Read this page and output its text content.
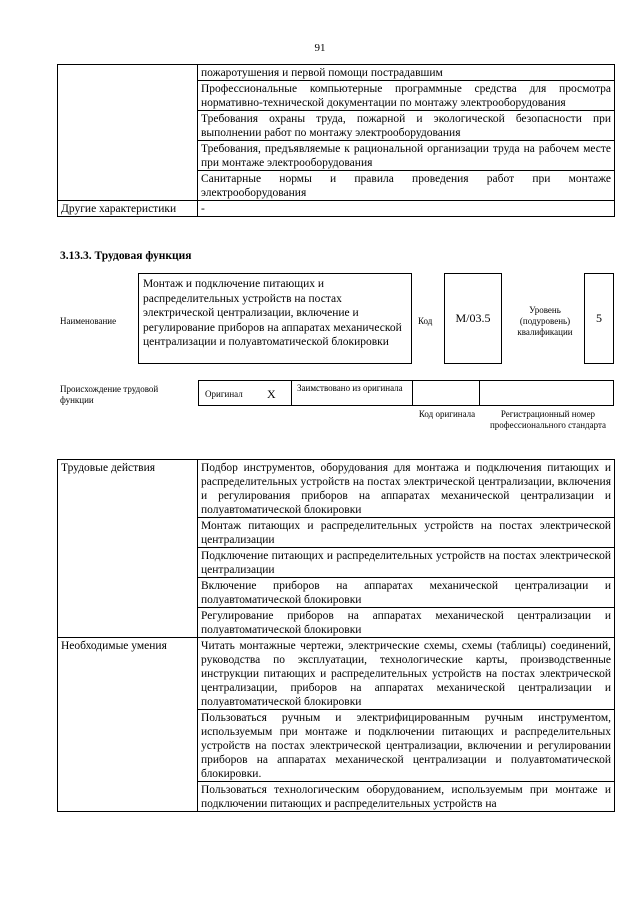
91
	пожаротушения и первой помощи пострадавшим
	Профессиональные компьютерные программные средства для просмотра нормативно-технической документации по монтажу электрооборудования
	Требования охраны труда, пожарной и экологической безопасности при выполнении работ по монтажу электрооборудования
	Требования, предъявляемые к рациональной организации труда на рабочем месте при монтаже электрооборудования
	Санитарные нормы и правила проведения работ при монтаже электрооборудования
Другие характеристики	-
3.13.3. Трудовая функция
Наименование
Монтаж и подключение питающих и распределительных устройств на постах электрической централизации, включение и регулирование приборов на аппаратах механической централизации и полуавтоматической блокировки
Код M/03.5
Уровень (подуровень) квалификации
5
Происхождение трудовой функции
Оригинал X Заимствовано из оригинала
Код оригинала	Регистрационный номер профессионального стандарта
Трудовые действия	Подбор инструментов, оборудования для монтажа и подключения питающих и распределительных устройств на постах электрической централизации, включения и регулирования приборов на аппаратах механической централизации и полуавтоматической блокировки
	Монтаж питающих и распределительных устройств на постах электрической централизации
	Подключение питающих и распределительных устройств на постах электрической централизации
	Включение приборов на аппаратах механической централизации и полуавтоматической блокировки
	Регулирование приборов на аппаратах механической централизации и полуавтоматической блокировки
Необходимые умения	Читать монтажные чертежи, электрические схемы, схемы (таблицы) соединений, руководства по эксплуатации, технологические карты, производственные инструкции питающих и распределительных устройств на постах электрической централизации, приборов на аппаратах механической централизации и полуавтоматической блокировки
	Пользоваться ручным и электрифицированным ручным инструментом, используемым при монтаже и подключении питающих и распределительных устройств на постах электрической централизации, включении и регулировании приборов на аппаратах механической централизации и полуавтоматической блокировки.
	Пользоваться технологическим оборудованием, используемым при монтаже и подключении питающих и распределительных устройств на
